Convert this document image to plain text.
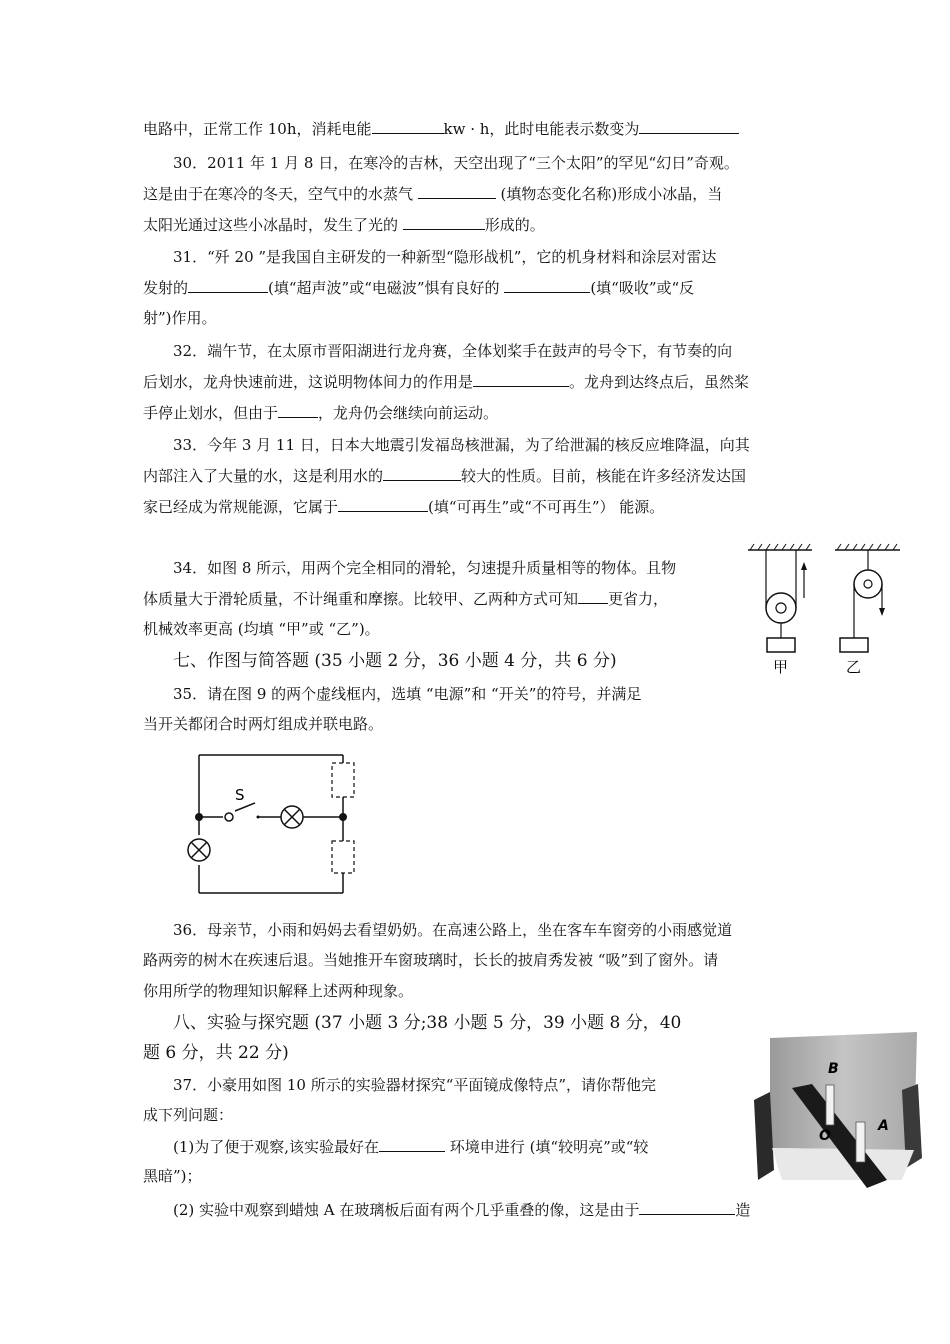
电路中，正常工作 10h，消耗电能	kw · h，此时电能表示数变为
30．2011 年 1 月 8 日，在寒冷的吉林，天空出现了“三个太阳”的罕见“幻日”奇观。
这是由于在寒冷的冬天，空气中的水蒸气	(填物态变化名称)形成小冰晶，当
太阳光通过这些小冰晶时，发生了光的	形成的。
31．“歼 20 ”是我国自主研发的一种新型“隐形战机”，它的机身材料和涂层对雷达
发射的	(填“超声波”或“电磁波”惧有良好的	(填“吸收”或“反
射”)作用。
32．端午节，在太原市晋阳湖进行龙舟赛，全体划桨手在鼓声的号令下，有节奏的向
后划水，龙舟快速前进，这说明物体间力的作用是	。龙舟到达终点后，虽然桨
手停止划水，但由于	，龙舟仍会继续向前运动。
33．今年 3 月 11 日，日本大地震引发福岛核泄漏，为了给泄漏的核反应堆降温，向其
内部注入了大量的水，这是利用水的	较大的性质。目前，核能在许多经济发达国
家已经成为常规能源，它属于	(填“可再生”或“不可再生”） 能源。
34．如图 8 所示，用两个完全相同的滑轮，匀速提升质量相等的物体。且物
体质量大于滑轮质量，不计绳重和摩擦。比较甲、乙两种方式可知 更省力，
机械效率更高 (均填 “甲”或 “乙”)。
甲	乙
七、作图与简答题 (35 小题 2 分，36 小题 4 分，共 6 分)
35．请在图 9 的两个虚线框内，选填 “电源”和 “开关”的符号，并满足
当开关都闭合时两灯组成并联电路。
S
36．母亲节，小雨和妈妈去看望奶奶。在高速公路上，坐在客车车窗旁的小雨感觉道
路两旁的树木在疾速后退。当她推开车窗玻璃时，长长的披肩秀发被 “吸”到了窗外。请
你用所学的物理知识解释上述两种现象。
八、实验与探究题 (37 小题 3 分;38 小题 5 分，39 小题 8 分，40
题 6 分，共 22 分)
37．小豪用如图 10 所示的实验器材探究“平面镜成像特点”，请你帮他完
成下列问题：
(1)为了便于观察,该实验最好在	环境申进行 (填“较明亮”或“较
黑暗”)；
(2) 实验中观察到蜡烛 A 在玻璃板后面有两个几乎重叠的像，这是由于	造
B
O
A
